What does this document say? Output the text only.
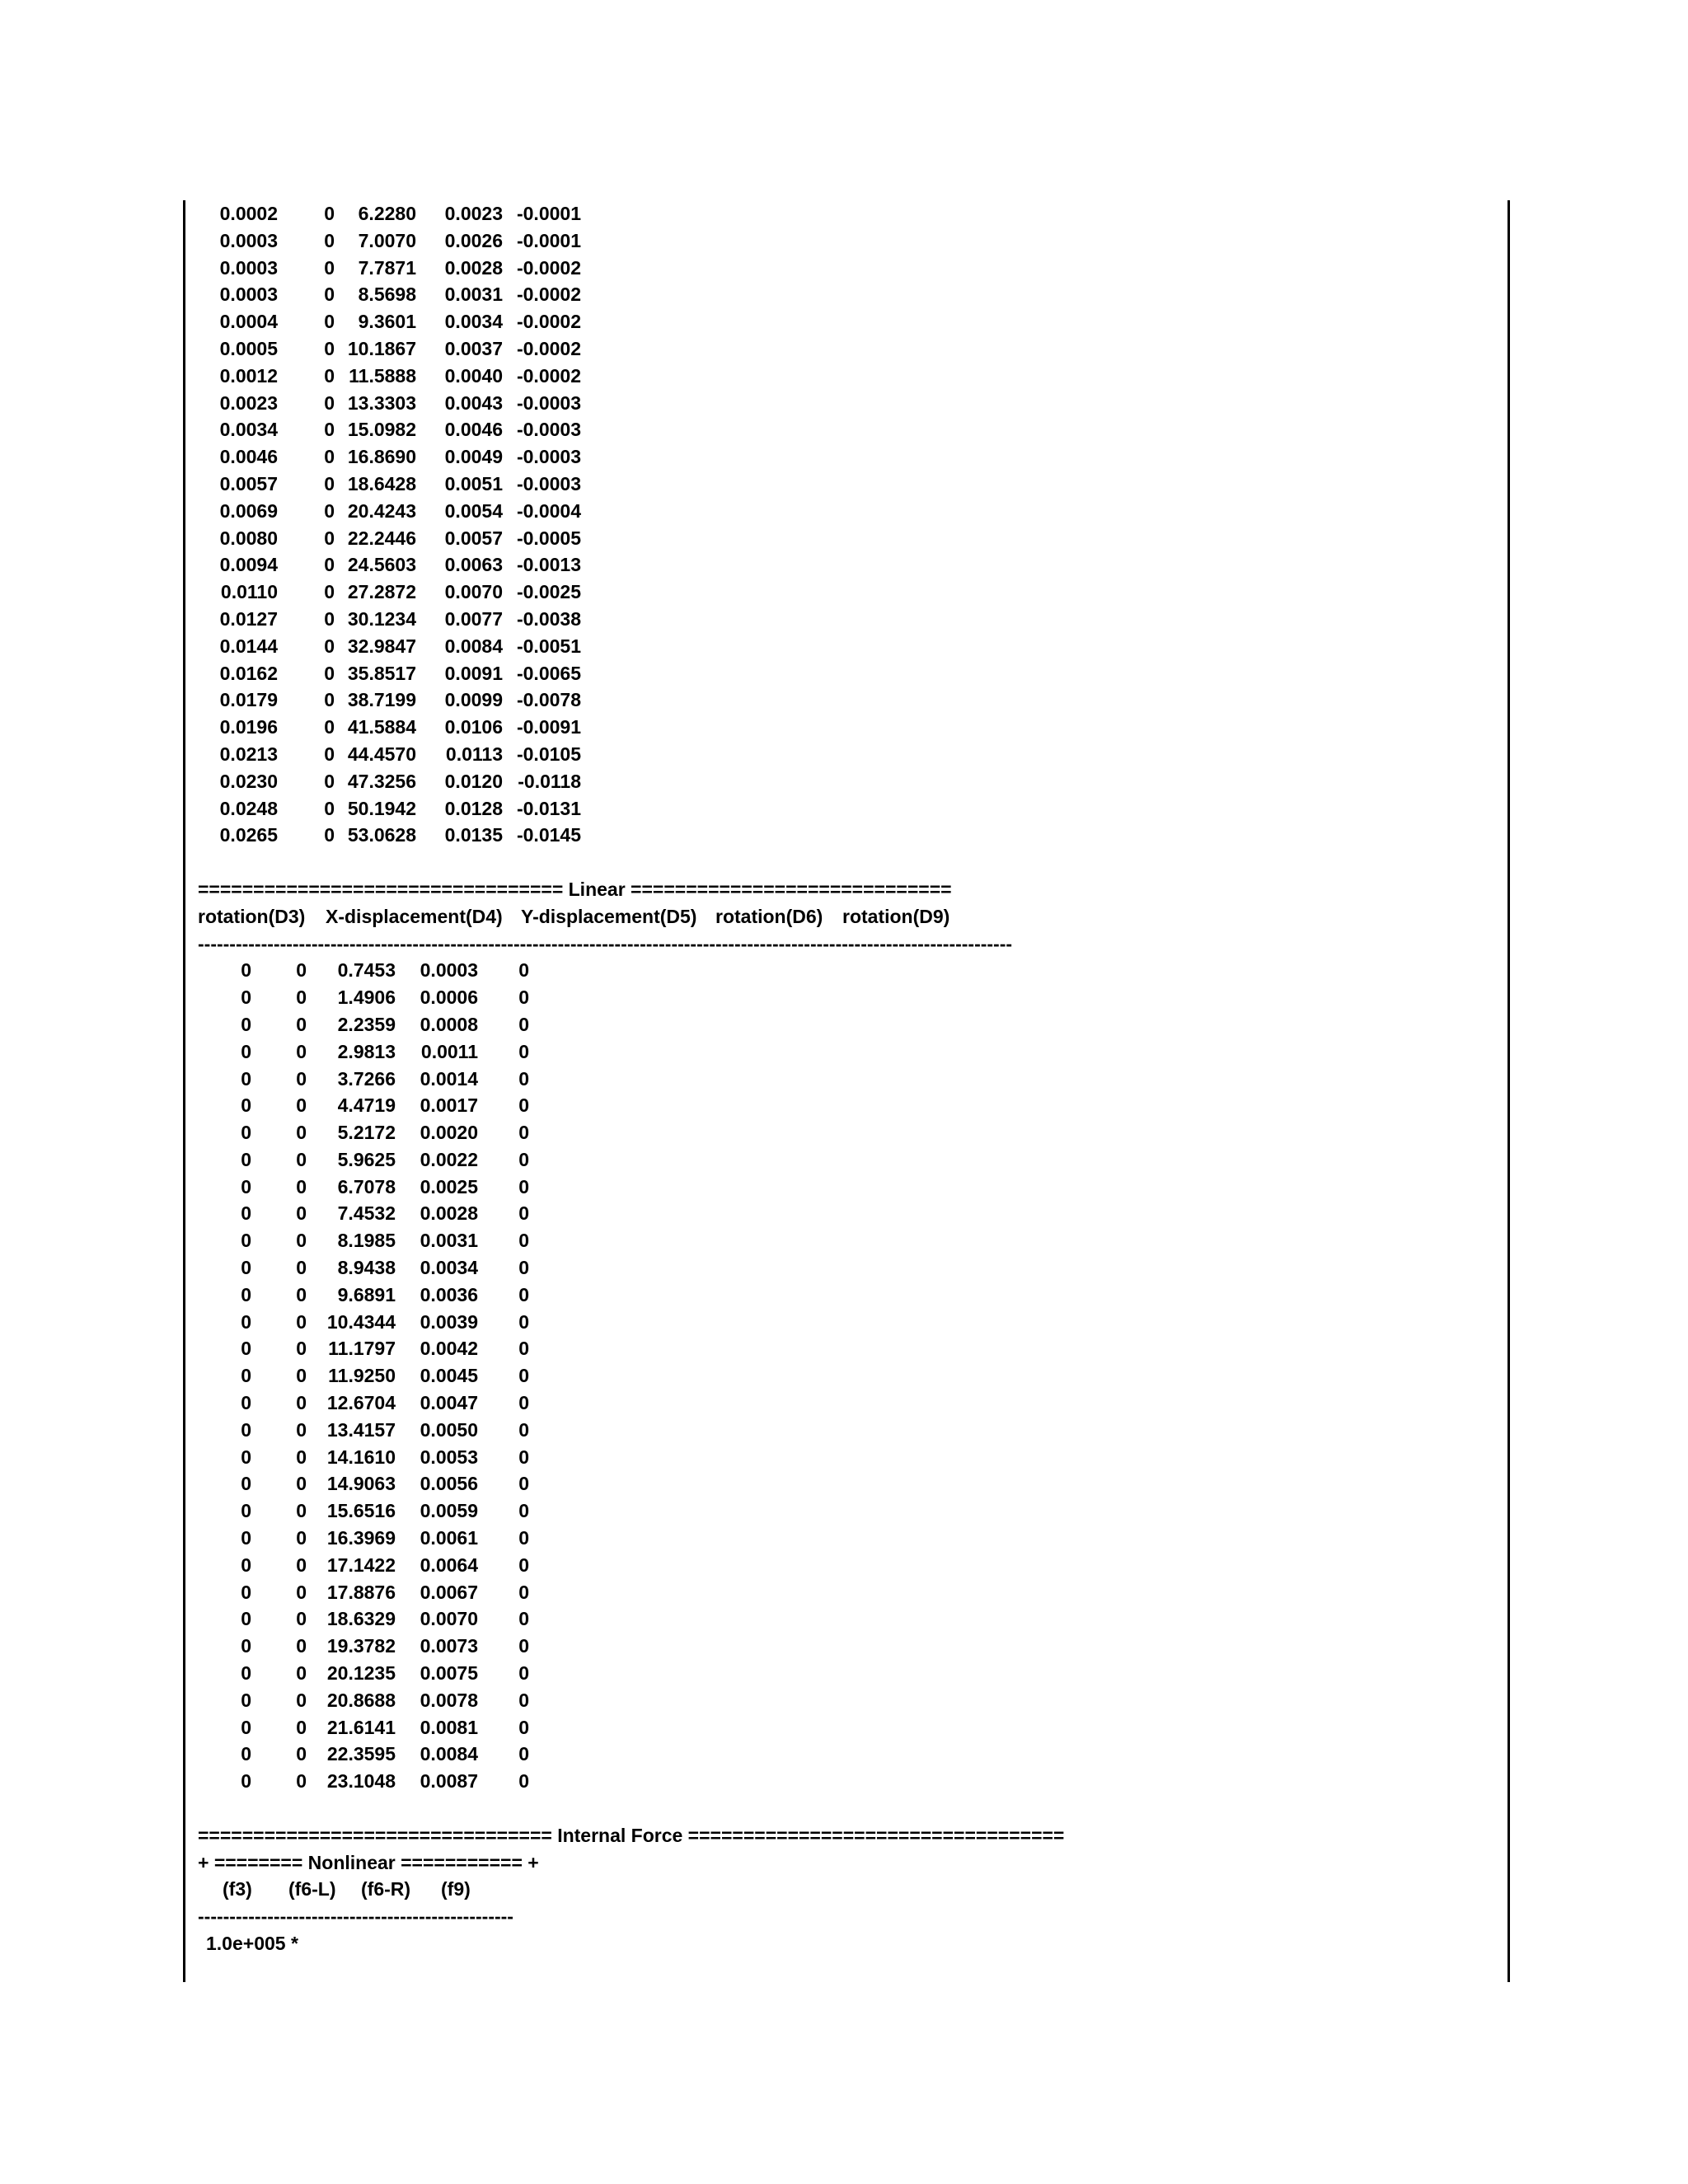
0.0002 0 6.2280 0.0023 -0.0001
0.0003 0 7.0070 0.0026 -0.0001
0.0003 0 7.7871 0.0028 -0.0002
0.0003 0 8.5698 0.0031 -0.0002
0.0004 0 9.3601 0.0034 -0.0002
0.0005 0 10.1867 0.0037 -0.0002
0.0012 0 11.5888 0.0040 -0.0002
0.0023 0 13.3303 0.0043 -0.0003
0.0034 0 15.0982 0.0046 -0.0003
0.0046 0 16.8690 0.0049 -0.0003
0.0057 0 18.6428 0.0051 -0.0003
0.0069 0 20.4243 0.0054 -0.0004
0.0080 0 22.2446 0.0057 -0.0005
0.0094 0 24.5603 0.0063 -0.0013
0.0110 0 27.2872 0.0070 -0.0025
0.0127 0 30.1234 0.0077 -0.0038
0.0144 0 32.9847 0.0084 -0.0051
0.0162 0 35.8517 0.0091 -0.0065
0.0179 0 38.7199 0.0099 -0.0078
0.0196 0 41.5884 0.0106 -0.0091
0.0213 0 44.4570 0.0113 -0.0105
0.0230 0 47.3256 0.0120 -0.0118
0.0248 0 50.1942 0.0128 -0.0131
0.0265 0 53.0628 0.0135 -0.0145
================================= Linear =============================
rotation(D3) X-displacement(D4) Y-displacement(D5) rotation(D6) rotation(D9)
---------------------------------------------------------------------------------------------------------------------------------
0 0 0.7453 0.0003 0
0 0 1.4906 0.0006 0
0 0 2.2359 0.0008 0
0 0 2.9813 0.0011 0
0 0 3.7266 0.0014 0
0 0 4.4719 0.0017 0
0 0 5.2172 0.0020 0
0 0 5.9625 0.0022 0
0 0 6.7078 0.0025 0
0 0 7.4532 0.0028 0
0 0 8.1985 0.0031 0
0 0 8.9438 0.0034 0
0 0 9.6891 0.0036 0
0 0 10.4344 0.0039 0
0 0 11.1797 0.0042 0
0 0 11.9250 0.0045 0
0 0 12.6704 0.0047 0
0 0 13.4157 0.0050 0
0 0 14.1610 0.0053 0
0 0 14.9063 0.0056 0
0 0 15.6516 0.0059 0
0 0 16.3969 0.0061 0
0 0 17.1422 0.0064 0
0 0 17.8876 0.0067 0
0 0 18.6329 0.0070 0
0 0 19.3782 0.0073 0
0 0 20.1235 0.0075 0
0 0 20.8688 0.0078 0
0 0 21.6141 0.0081 0
0 0 22.3595 0.0084 0
0 0 23.1048 0.0087 0
================================ Internal Force ==================================
+ ======== Nonlinear =========== +
(f3) (f6-L) (f6-R) (f9)
--------------------------------------------------
1.0e+005 *
